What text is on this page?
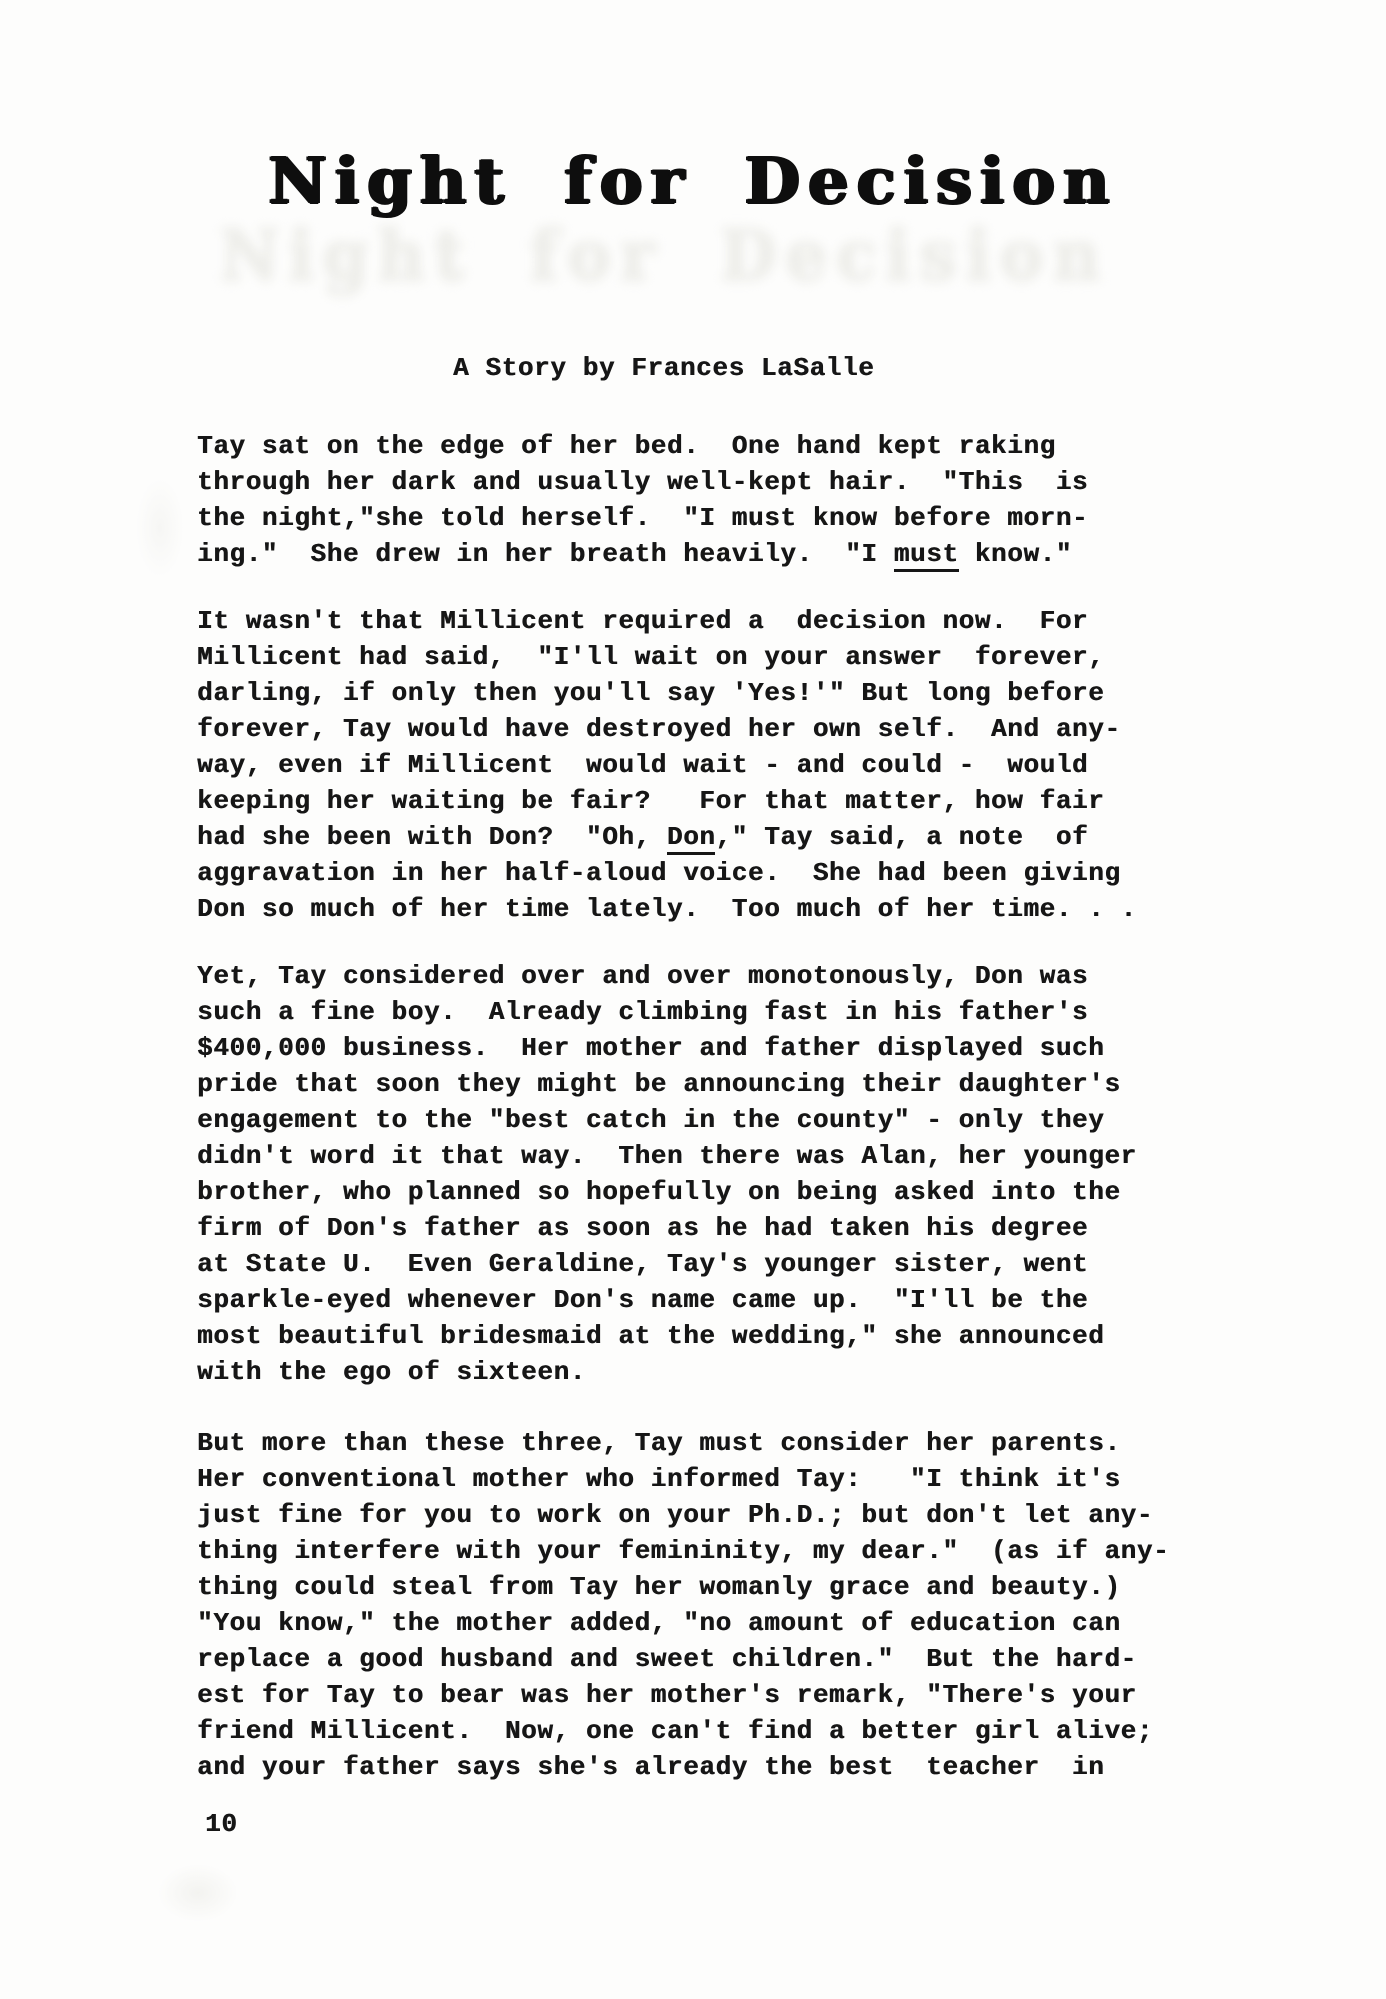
Night for Decision
Night for Decision
A Story by Frances LaSalle
Tay sat on the edge of her bed.  One hand kept raking
through her dark and usually well-kept hair.  "This  is
the night,"she told herself.  "I must know before morn-
ing."  She drew in her breath heavily.  "I must know."
It wasn't that Millicent required a  decision now.  For
Millicent had said,  "I'll wait on your answer  forever,
darling, if only then you'll say 'Yes!'" But long before
forever, Tay would have destroyed her own self.  And any-
way, even if Millicent  would wait - and could -  would
keeping her waiting be fair?   For that matter, how fair
had she been with Don?  "Oh, Don," Tay said, a note  of
aggravation in her half-aloud voice.  She had been giving
Don so much of her time lately.  Too much of her time. . .
Yet, Tay considered over and over monotonously, Don was
such a fine boy.  Already climbing fast in his father's
$400,000 business.  Her mother and father displayed such
pride that soon they might be announcing their daughter's
engagement to the "best catch in the county" - only they
didn't word it that way.  Then there was Alan, her younger
brother, who planned so hopefully on being asked into the
firm of Don's father as soon as he had taken his degree
at State U.  Even Geraldine, Tay's younger sister, went
sparkle-eyed whenever Don's name came up.  "I'll be the
most beautiful bridesmaid at the wedding," she announced
with the ego of sixteen.
But more than these three, Tay must consider her parents.
Her conventional mother who informed Tay:   "I think it's
just fine for you to work on your Ph.D.; but don't let any-
thing interfere with your femininity, my dear."  (as if any-
thing could steal from Tay her womanly grace and beauty.)
"You know," the mother added, "no amount of education can
replace a good husband and sweet children."  But the hard-
est for Tay to bear was her mother's remark, "There's your
friend Millicent.  Now, one can't find a better girl alive;
and your father says she's already the best  teacher  in
10
